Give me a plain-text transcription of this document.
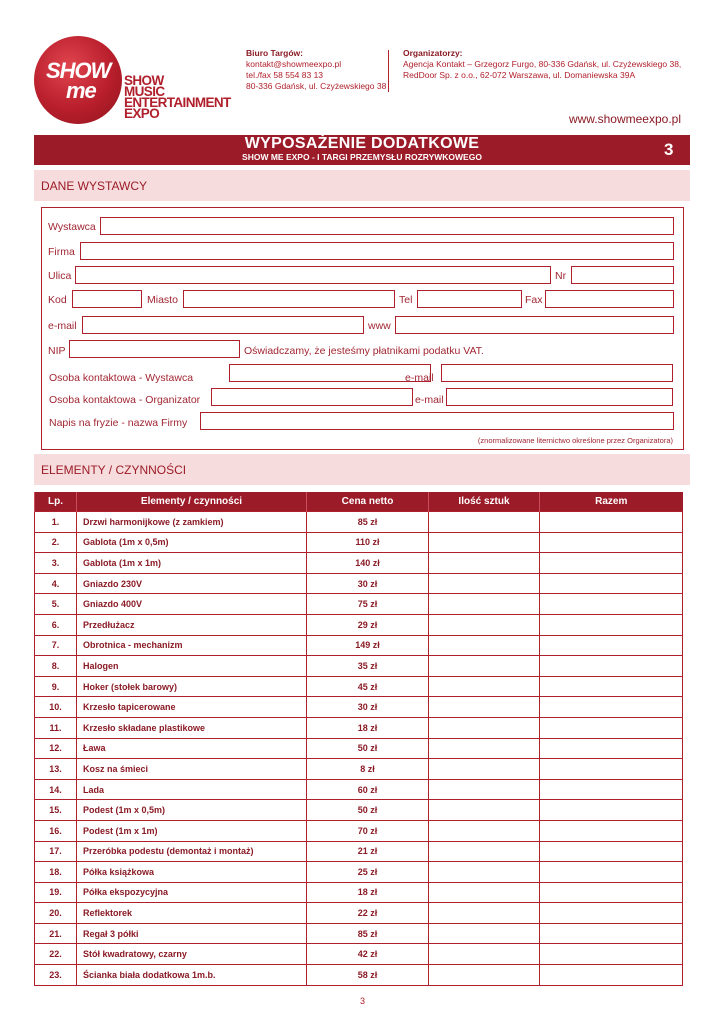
SHOW
me SHOW
MUSIC
ENTERTAINMENT
EXPO
Biuro Targów:
kontakt@showmeexpo.pl
tel./fax 58 554 83 13
80-336 Gdańsk, ul. Czyżewskiego 38
Organizatorzy:
Agencja Kontakt – Grzegorz Furgo, 80-336 Gdańsk, ul. Czyżewskiego 38,
RedDoor Sp. z o.o., 62-072 Warszawa, ul. Domaniewska 39A
www.showmeexpo.pl
WYPOSAŻENIE DODATKOWE
SHOW ME EXPO - I TARGI PRZEMYSŁU ROZRYWKOWEGO	3
DANE WYSTAWCY
Wystawca
Firma
Ulica	Nr
Kod	Miasto	Tel	Fax
e-mail	www
NIP	Oświadczamy, że jesteśmy płatnikami podatku VAT.
Osoba kontaktowa - Wystawca	e-mail
Osoba kontaktowa - Organizator	e-mail
Napis na fryzie - nazwa Firmy
(znormalizowane liternictwo określone przez Organizatora)
ELEMENTY / CZYNNOŚCI
Lp.	Elementy / czynności	Cena netto	Ilość sztuk	Razem
1.	Drzwi harmonijkowe (z zamkiem)	85 zł		
2.	Gablota (1m x 0,5m)	110 zł		
3.	Gablota (1m x 1m)	140 zł		
4.	Gniazdo 230V	30 zł		
5.	Gniazdo 400V	75 zł		
6.	Przedłużacz	29 zł		
7.	Obrotnica - mechanizm	149 zł		
8.	Halogen	35 zł		
9.	Hoker (stołek barowy)	45 zł		
10.	Krzesło tapicerowane	30 zł		
11.	Krzesło składane plastikowe	18 zł		
12.	Ława	50 zł		
13.	Kosz na śmieci	8 zł		
14.	Lada	60 zł		
15.	Podest (1m x 0,5m)	50 zł		
16.	Podest (1m x 1m)	70 zł		
17.	Przeróbka podestu (demontaż i montaż)	21 zł		
18.	Półka książkowa	25 zł		
19.	Półka ekspozycyjna	18 zł		
20.	Reflektorek	22 zł		
21.	Regał 3 półki	85 zł		
22.	Stół kwadratowy, czarny	42 zł		
23.	Ścianka biała dodatkowa 1m.b.	58 zł		
3
